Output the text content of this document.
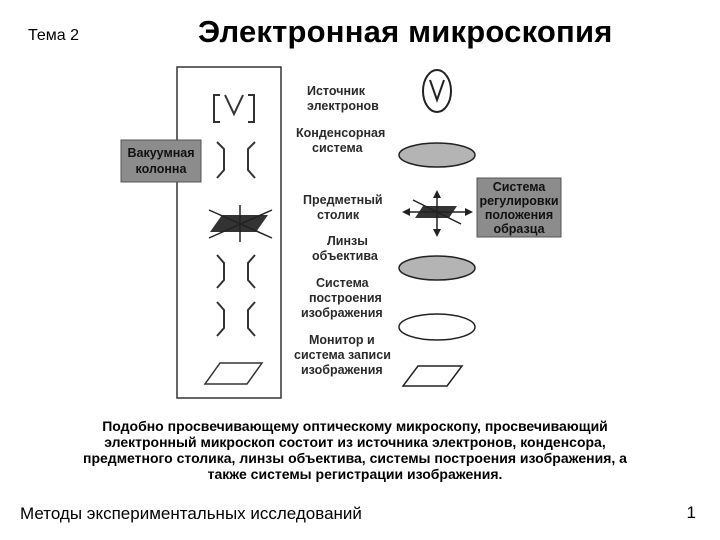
Тема 2	Электронная микроскопия
Вакуумная
колонна
Источник
электронов
Конденсорная
система
Предметный
столик
Линзы
объектива
Система
построения
изображения
Монитор и
система записи
изображения
Система
регулировки
положения
образца
Подобно просвечивающему оптическому микроскопу, просвечивающий
электронный микроскоп состоит из источника электронов, конденсора,
предметного столика, линзы объектива, системы построения изображения, а
также системы регистрации изображения.
Методы экспериментальных исследований	1
